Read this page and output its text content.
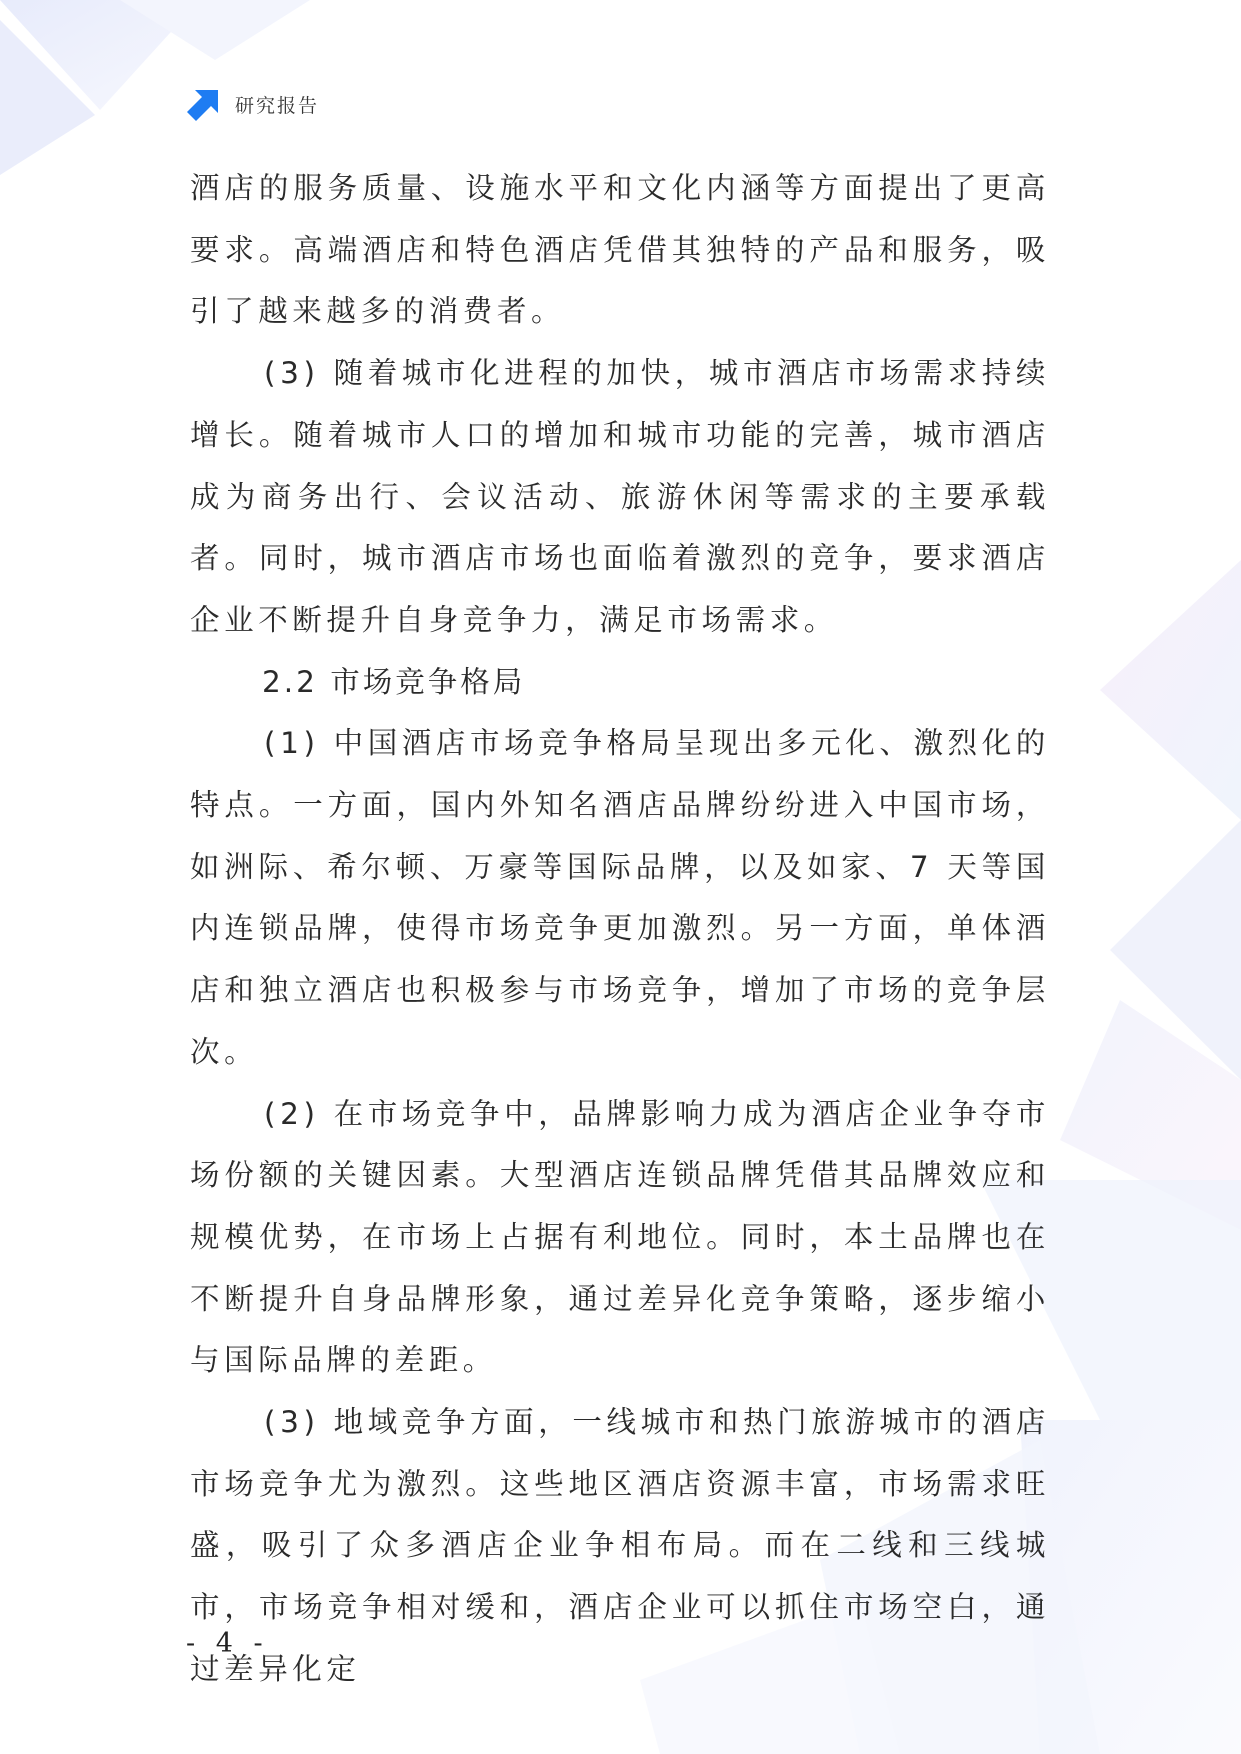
研究报告

酒店的服务质量、设施水平和文化内涵等方面提出了更高要求。高端酒店和特色酒店凭借其独特的产品和服务，吸引了越来越多的消费者。

(3) 随着城市化进程的加快，城市酒店市场需求持续增长。随着城市人口的增加和城市功能的完善，城市酒店成为商务出行、会议活动、旅游休闲等需求的主要承载者。同时，城市酒店市场也面临着激烈的竞争，要求酒店企业不断提升自身竞争力，满足市场需求。

2.2 市场竞争格局

(1) 中国酒店市场竞争格局呈现出多元化、激烈化的特点。一方面，国内外知名酒店品牌纷纷进入中国市场，如洲际、希尔顿、万豪等国际品牌，以及如家、7 天等国内连锁品牌，使得市场竞争更加激烈。另一方面，单体酒店和独立酒店也积极参与市场竞争，增加了市场的竞争层次。

(2) 在市场竞争中，品牌影响力成为酒店企业争夺市场份额的关键因素。大型酒店连锁品牌凭借其品牌效应和规模优势，在市场上占据有利地位。同时，本土品牌也在不断提升自身品牌形象，通过差异化竞争策略，逐步缩小与国际品牌的差距。

(3) 地域竞争方面，一线城市和热门旅游城市的酒店市场竞争尤为激烈。这些地区酒店资源丰富，市场需求旺盛，吸引了众多酒店企业争相布局。而在二线和三线城市，市场竞争相对缓和，酒店企业可以抓住市场空白，通过差异化定

- 4 -
